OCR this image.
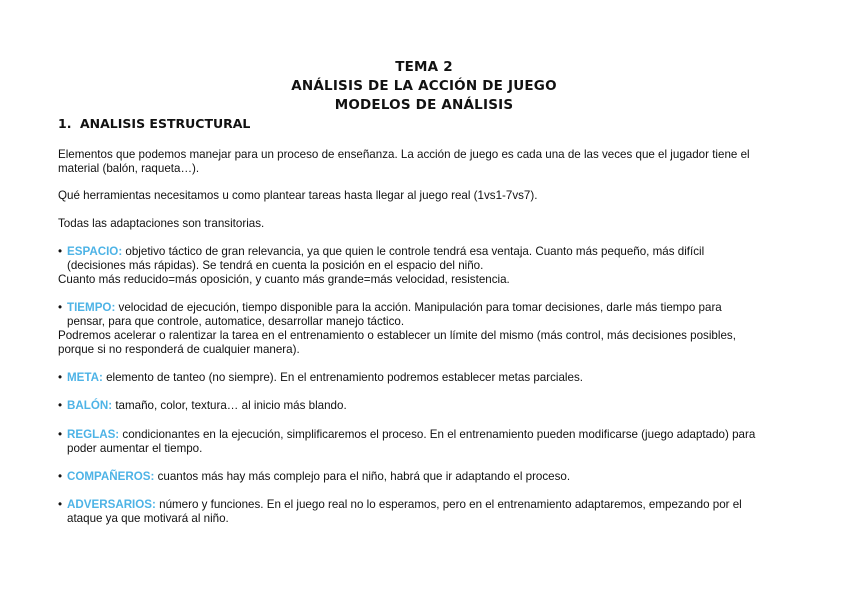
TEMA 2
ANÁLISIS DE LA ACCIÓN DE JUEGO
MODELOS DE ANÁLISIS
1. ANALISIS ESTRUCTURAL
Elementos que podemos manejar para un proceso de enseñanza. La acción de juego es cada una de las veces que el jugador tiene el
material (balón, raqueta…).
Qué herramientas necesitamos u como plantear tareas hasta llegar al juego real (1vs1-7vs7).
Todas las adaptaciones son transitorias.
• ESPACIO: objetivo táctico de gran relevancia, ya que quien le controle tendrá esa ventaja. Cuanto más pequeño, más difícil
(decisiones más rápidas). Se tendrá en cuenta la posición en el espacio del niño.
Cuanto más reducido=más oposición, y cuanto más grande=más velocidad, resistencia.
• TIEMPO: velocidad de ejecución, tiempo disponible para la acción. Manipulación para tomar decisiones, darle más tiempo para
pensar, para que controle, automatice, desarrollar manejo táctico.
Podremos acelerar o ralentizar la tarea en el entrenamiento o establecer un límite del mismo (más control, más decisiones posibles,
porque si no responderá de cualquier manera).
• META: elemento de tanteo (no siempre). En el entrenamiento podremos establecer metas parciales.
• BALÓN: tamaño, color, textura… al inicio más blando.
• REGLAS: condicionantes en la ejecución, simplificaremos el proceso. En el entrenamiento pueden modificarse (juego adaptado) para
poder aumentar el tiempo.
• COMPAÑEROS: cuantos más hay más complejo para el niño, habrá que ir adaptando el proceso.
• ADVERSARIOS: número y funciones. En el juego real no lo esperamos, pero en el entrenamiento adaptaremos, empezando por el
ataque ya que motivará al niño.
